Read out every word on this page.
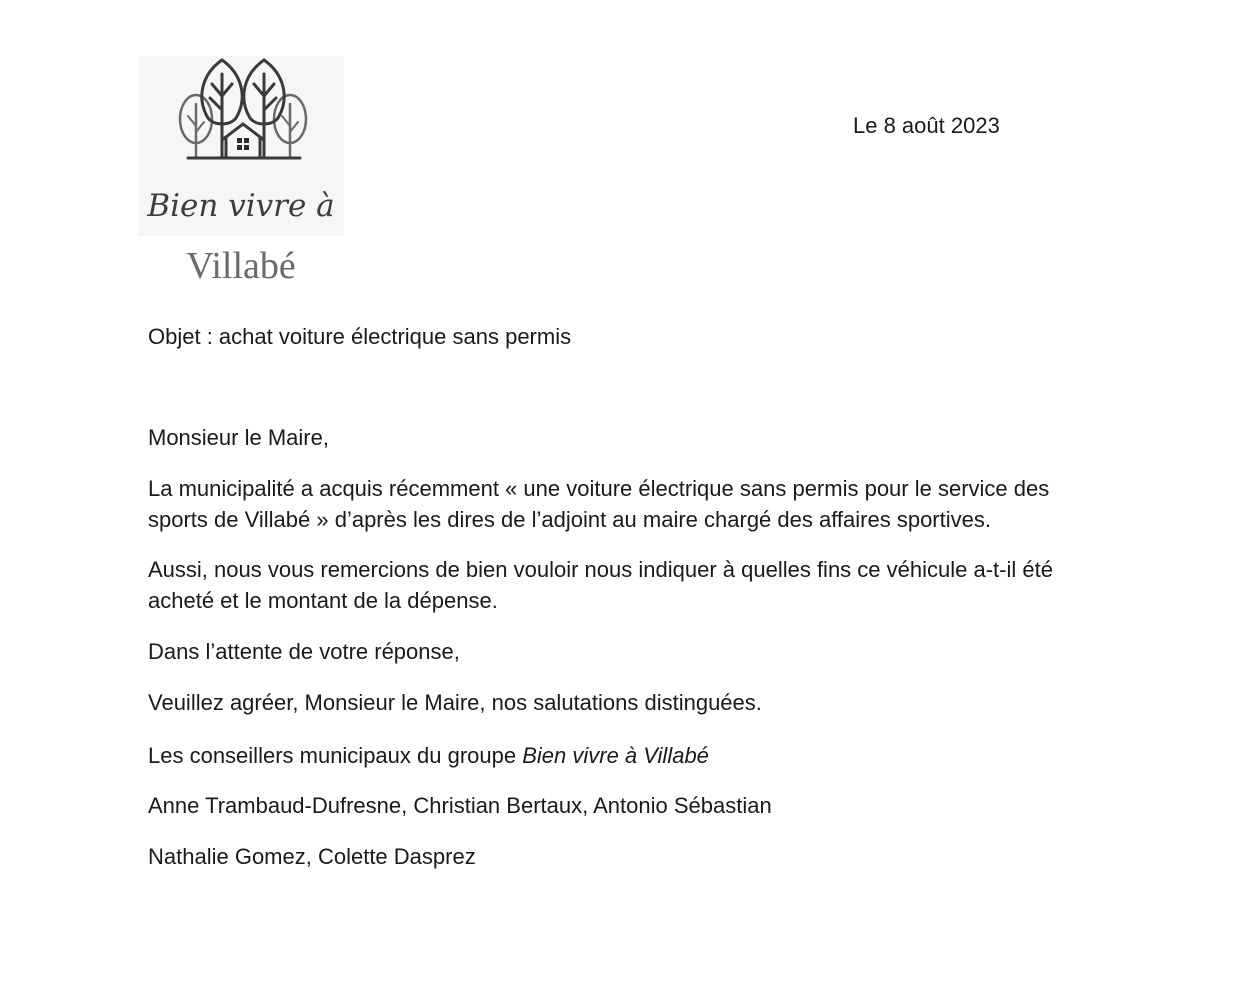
Bien vivre à
Villabé
Le 8 août 2023
Objet : achat voiture électrique sans permis
Monsieur le Maire,
La municipalité a acquis récemment « une voiture électrique sans permis pour le service des
sports de Villabé » d’après les dires de l’adjoint au maire chargé des affaires sportives.
Aussi, nous vous remercions de bien vouloir nous indiquer à quelles fins ce véhicule a-t-il été
acheté et le montant de la dépense.
Dans l’attente de votre réponse,
Veuillez agréer, Monsieur le Maire, nos salutations distinguées.
Les conseillers municipaux du groupe Bien vivre à Villabé
Anne Trambaud-Dufresne, Christian Bertaux, Antonio Sébastian
Nathalie Gomez, Colette Dasprez
